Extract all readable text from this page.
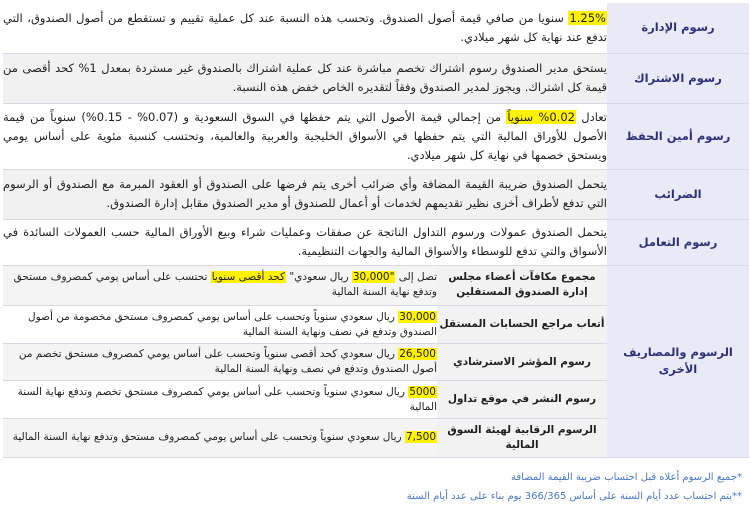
رسوم الإدارة	1.25% سنويا من صافي قيمة أصول الصندوق. وتحسب هذه النسبة عند كل عملية تقييم و تستقطع من أصول الصندوق، التي تدفع عند نهاية كل شهر ميلادي.
رسوم الاشتراك	يستحق مدير الصندوق رسوم اشتراك تخصم مباشرة عند كل عملية اشتراك بالصندوق غير مستردة بمعدل 1% كحد أقصى من قيمة كل اشتراك. ويجوز لمدير الصندوق وفقاً لتقديره الخاص خفض هذه النسبة.
رسوم أمين الحفظ	تعادل 0.02% سنوياً من إجمالي قيمة الأصول التي يتم حفظها في السوق السعودية و (0.07% - 0.15%) سنوياً من قيمة الأصول للأوراق المالية التي يتم حفظها في الأسواق الخليجية والعربية والعالمية، وتحتسب كنسبة مئوية على أساس يومي ويستحق خصمها في نهاية كل شهر ميلادي.
الضرائب	يتحمل الصندوق ضريبة القيمة المضافة وأي ضرائب أخرى يتم فرضها على الصندوق أو العقود المبرمة مع الصندوق أو الرسوم التي تدفع لأطراف أخرى نظير تقديمهم لخدمات أو أعمال للصندوق أو مدير الصندوق مقابل إدارة الصندوق.
رسوم التعامل	يتحمل الصندوق عمولات ورسوم التداول الناتجة عن صفقات وعمليات شراء وبيع الأوراق المالية حسب العمولات السائدة في الأسواق والتي تدفع للوسطاء والأسواق المالية والجهات التنظيمية.
الرسوم والمصاريف الأخرى	
مجموع مكافآت أعضاء مجلس إدارة الصندوق المستقلين	تصل إلى "30,000 ريال سعودي" كحد أقصى سنويا تحتسب على أساس يومي كمصروف مستحق وتدفع نهاية السنة المالية
أتعاب مراجع الحسابات المستقل	30,000 ريال سعودي سنوياً وتحسب على أساس يومي كمصروف مستحق مخصومة من أصول الصندوق وتدفع في نصف ونهاية السنة المالية
رسوم المؤشر الاسترشادي	26,500 ريال سعودي كحد أقصى سنوياً وتحسب على أساس يومي كمصروف مستحق تخصم من أصول الصندوق وتدفع في نصف ونهاية السنة المالية
رسوم النشر في موقع تداول	5000 ريال سعودي سنوياً وتحسب على أساس يومي كمصروف مستحق تخصم وتدفع نهاية السنة المالية
الرسوم الرقابية لهيئة السوق المالية	7,500 ريال سعودي سنوياً وتحسب على أساس يومي كمصروف مستحق وتدفع نهاية السنة المالية
*جميع الرسوم أعلاه قبل احتساب ضريبة القيمة المضافة
**يتم احتساب عدد أيام السنة على أساس 366/365 يوم بناء على عدد أيام السنة
